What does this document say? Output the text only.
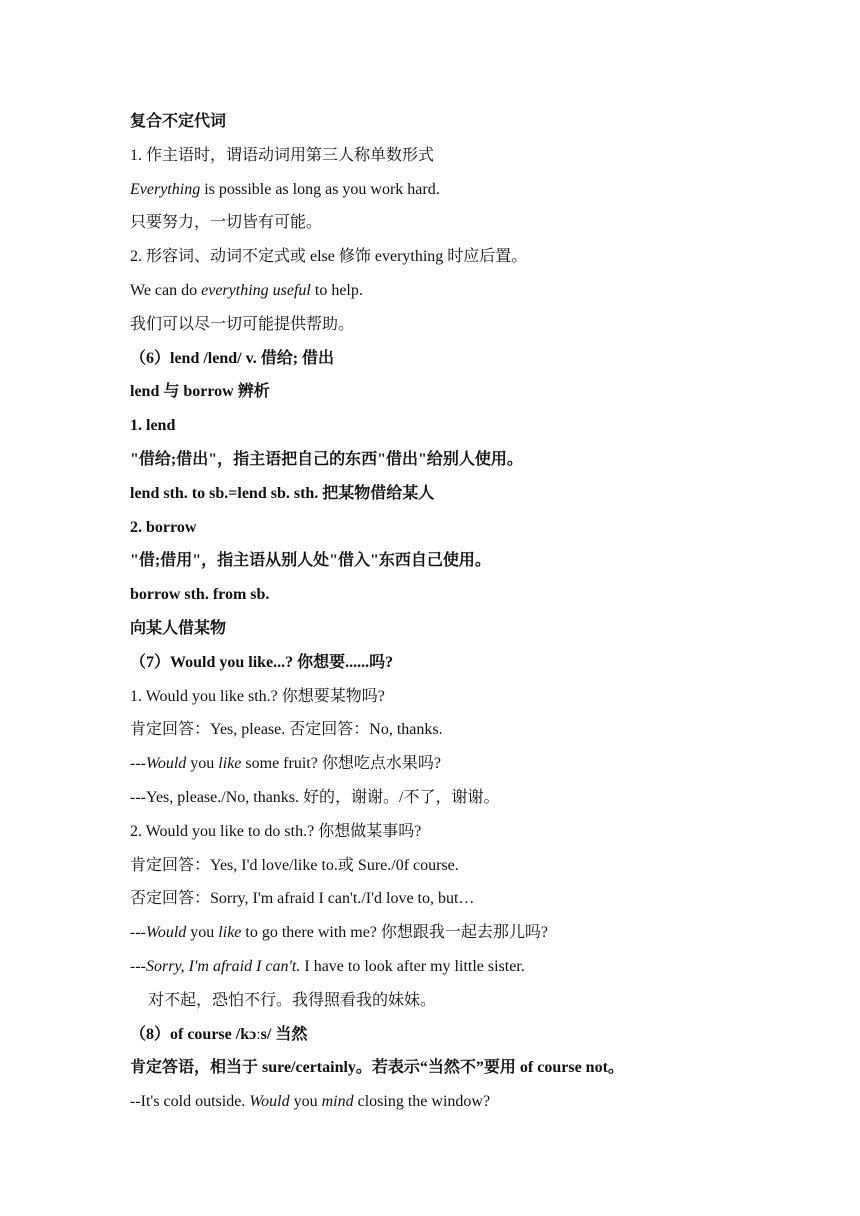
复合不定代词
1. 作主语时，谓语动词用第三人称单数形式
Everything is possible as long as you work hard.
只要努力，一切皆有可能。
2. 形容词、动词不定式或 else 修饰 everything 时应后置。
We can do everything useful to help.
我们可以尽一切可能提供帮助。
（6）lend /lend/ v. 借给; 借出
lend 与 borrow 辨析
1. lend
"借给;借出"，指主语把自己的东西"借出"给别人使用。
lend sth. to sb.=lend sb. sth. 把某物借给某人
2. borrow
"借;借用"，指主语从别人处"借入"东西自己使用。
borrow sth. from sb.
向某人借某物
（7）Would you like...? 你想要......吗?
1. Would you like sth.? 你想要某物吗?
肯定回答：Yes, please. 否定回答：No, thanks.
---Would you like some fruit? 你想吃点水果吗?
---Yes, please./No, thanks. 好的，谢谢。/不了，谢谢。
2. Would you like to do sth.? 你想做某事吗?
肯定回答：Yes, I'd love/like to.或 Sure./0f course.
否定回答：Sorry, I'm afraid I can't./I'd love to, but…
---Would you like to go there with me? 你想跟我一起去那儿吗?
---Sorry, I'm afraid I can't. I have to look after my little sister.
对不起，恐怕不行。我得照看我的妹妹。
（8）of course /kɔːs/ 当然
肯定答语，相当于 sure/certainly。若表示“当然不”要用 of course not。
--It's cold outside. Would you mind closing the window?
